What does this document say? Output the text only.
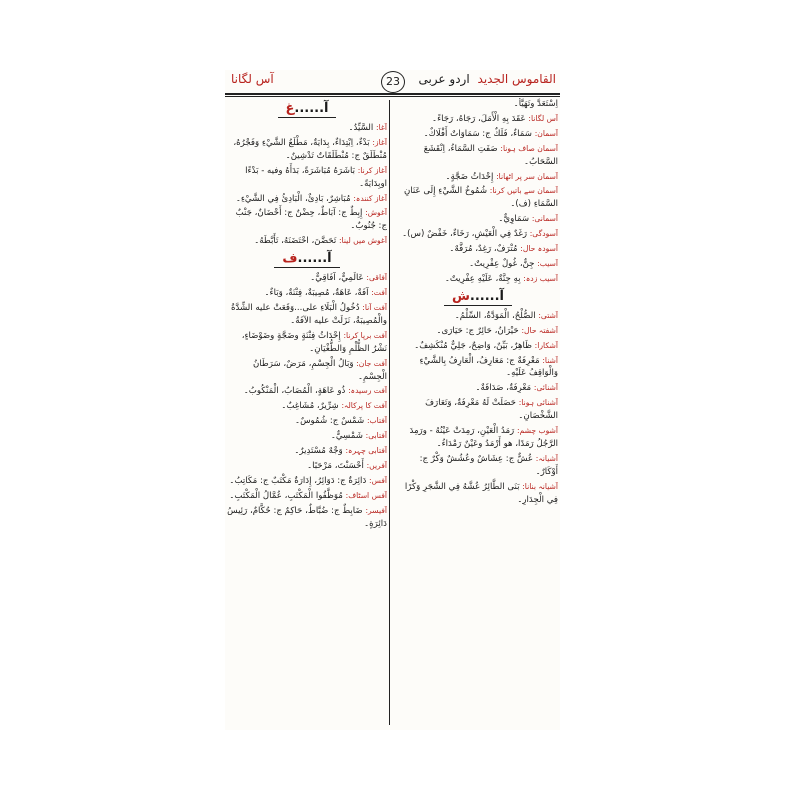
القاموس الجديد اردو عربی
23
آس لگانا
اِسْتَعَدَّ وتَهَيَّأَ۔
آس لگانا: عَقَدَ بِهِ الْأَمَلَ، رَجَاهُ، رَجَاءً۔
آسمان: سَمَاءٌ، فَلَكٌ ج: سَمَاوَاتٌ أَفْلَاكٌ۔
آسمان صاف ہونا: صَفَتِ السَّمَاءُ، اِنْقَشَعَ السَّحَابُ۔
آسمان سر پر اٹھانا: إِحْدَاثُ ضَجَّةٍ۔
آسمان سے باتیں کرنا: شُمُوخُ الشَّيْءِ إِلَى عَنَانِ السَّمَاءِ (ف)۔
آسمانی: سَمَاوِيٌّ۔
آسودگی: رَغَدٌ فِي الْعَيْشِ، رَخَاءٌ، خَفْضٌ (س)۔
آسودہ حال: مُتْرَفٌ، رَغِدٌ، مُرَفَّهٌ۔
آسیب: جِنٌّ، غُولٌ عِفْرِيتٌ۔
آسیب زدہ: بِهِ جِنَّةٌ، عَلَيْهِ عِفْرِيتٌ۔
آ......ش
آشتی: الصُّلْحُ، الْمَوَدَّةُ، السِّلْمُ۔
آشفتہ حال: حَيْرَانُ، حَائِرٌ ج: حَيَارَى۔
آشکارا: ظَاهِرٌ، بَيِّنٌ، وَاضِحٌ، جَلِيٌّ مُنْكَشِفٌ۔
آشنا: مَعْرِفَةٌ ج: مَعَارِفُ، الْعَارِفُ بِالشَّيْءِ وَالْوَاقِفُ عَلَيْهِ۔
آشنائی: مَعْرِفَةٌ، صَدَاقَةٌ۔
آشنائی ہونا: حَصَلَتْ لَهُ مَعْرِفَةٌ، وَتَعَارَفَ الشَّخْصَانِ۔
آشوب چشم: رَمَدُ الْعَيْنِ، رَمِدَتْ عَيْنُهُ - ورَمِدَ الرَّجُلُ رَمَدًا، هو أَرْمَدُ وعَيْنٌ رَمْدَاءُ۔
آشیانہ: عُشٌّ ج: عِشَاشٌ وعُشُشٌ وَكْرٌ ج: أَوْكَارٌ۔
آشیانہ بنانا: بَنَى الطَّائِرُ عُشَّهُ فِي الشَّجَرِ وَكْرًا فِي الْجِدَارِ۔
آ......غ
آغا: السَّيِّدُ۔
آغاز: بَدْءٌ، اِبْتِدَاءٌ، بِدَايَةٌ، مَطْلَعُ الشَّيْءِ وَفَجْرُهُ، مُنْطَلَقٌ ج: مُنْطَلَقَاتٌ تَدْشِينٌ۔
آغاز کرنا: بَاشَرَهُ مُبَاشَرَةً، بَدَأَهُ وفيه - بَدْءًا اوبِدَايَةً۔
آغاز کنندہ: مُبَاشِرٌ، بَادِئٌ، الْبَادِئُ فِي الشَّيْءِ۔
آغوش: إِبِطٌ ج: آبَاطٌ، حِضْنٌ ج: أَحْضَانٌ، جَنْبٌ ج: جُنُوبٌ۔
آغوش میں لینا: تَحَضَّنَ، احْتَضَنَهُ، تَأَبَّطَهُ۔
آ......ف
آفاقی: عَالَمِيٌّ، آفَاقِيٌّ۔
آفت: آفَةٌ، عَاهَةٌ، مُصِيبَةٌ، فِتْنَةٌ، وَبَاءٌ۔
آفت آنا: دُخُولُ الْبَلَاءِ على...وَقَعَتْ عليه الشِّدَّةُ والْمُصِيبَةُ، نَزَلَتْ عليه الآفَةُ۔
آفت برپا کرنا: إِحْدَاثُ فِتْنَةٍ وضَجَّةٍ وضَوْضَاءٍ، نَشْرُ الظُّلْمِ وَالطُّغْيَانِ۔
آفت جان: وَبَالُ الْجِسْمِ، مَرَضٌ، سَرَطَانُ الْجِسْمِ۔
آفت رسیدہ: ذُو عَاهَةٍ، الْمُصَابُ، الْمَنْكُوبُ۔
آفت کا پرکالہ: شِرِّيرٌ، مُشَاغِبٌ۔
آفتاب: شَمْسٌ ج: شُمُوسٌ۔
آفتابی: شَمْسِيٌّ۔
آفتابی چہرہ: وَجْهٌ مُسْتَدِيرٌ۔
آفریں: أَحْسَنْتَ، مَرْحَبًا۔
آفس: دَائِرَةٌ ج: دَوَائِرُ، إِدَارَةٌ مَكْتَبٌ ج: مَكَاتِبُ۔
آفس اسٹاف: مُوَظَّفُوا الْمَكْتَبِ، عُمَّالُ الْمَكْتَبِ۔
آفیسر: ضَابِطٌ ج: ضُبَّاطٌ، حَاكِمٌ ج: حُكَّامٌ، رَئِيسُ دَائِرَةٍ۔
